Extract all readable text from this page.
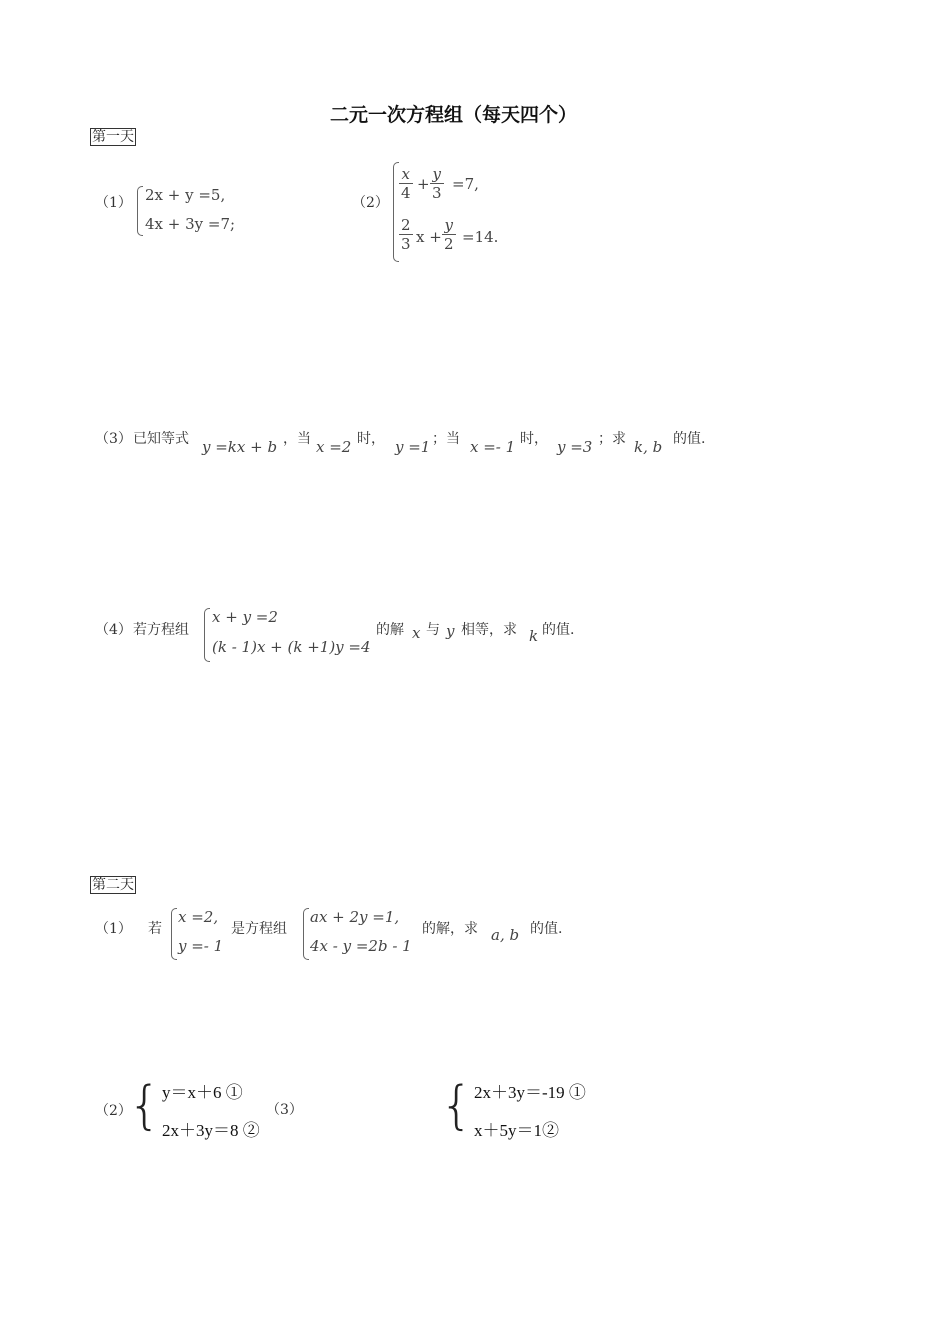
二元一次方程组（每天四个）
第一天
（1） 2x + y =5,
4x + 3y =7;
（2）
x
4 +
y
3 =7,
2
3 x +
y
2 =14.
（3） 已知等式 y =kx + b ，当 x =2 时， y =1 ；当 x =- 1 时， y =3 ；求 k, b 的值.
（4） 若方程组
x + y =2
(k - 1)x + (k +1)y =4
的解 x 与 y 相等，求 k 的值.
第二天
（1） 若
x =2,
y =- 1
是方程组
ax + 2y =1,
4x - y =2b - 1
的解，求 a, b 的值.
（2）
{ y＝x＋6 ①
2x＋3y＝8 ②
（3）	{ 2x＋3y＝-19 ①
x＋5y＝1②
